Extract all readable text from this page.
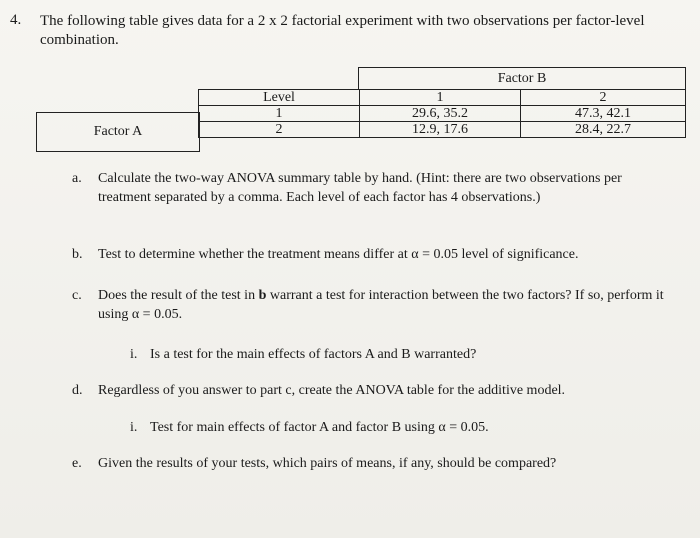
4. The following table gives data for a 2 x 2 factorial experiment with two observations per factor-level combination.
Factor B
Level	1	2
1	29.6, 35.2	47.3, 42.1
2	12.9, 17.6	28.4, 22.7
Factor A
a. Calculate the two-way ANOVA summary table by hand. (Hint: there are two observations per treatment separated by a comma. Each level of each factor has 4 observations.)
b. Test to determine whether the treatment means differ at α = 0.05 level of significance.
c. Does the result of the test in b warrant a test for interaction between the two factors? If so, perform it using α = 0.05.
i. Is a test for the main effects of factors A and B warranted?
d. Regardless of you answer to part c, create the ANOVA table for the additive model.
i. Test for main effects of factor A and factor B using α = 0.05.
e. Given the results of your tests, which pairs of means, if any, should be compared?
